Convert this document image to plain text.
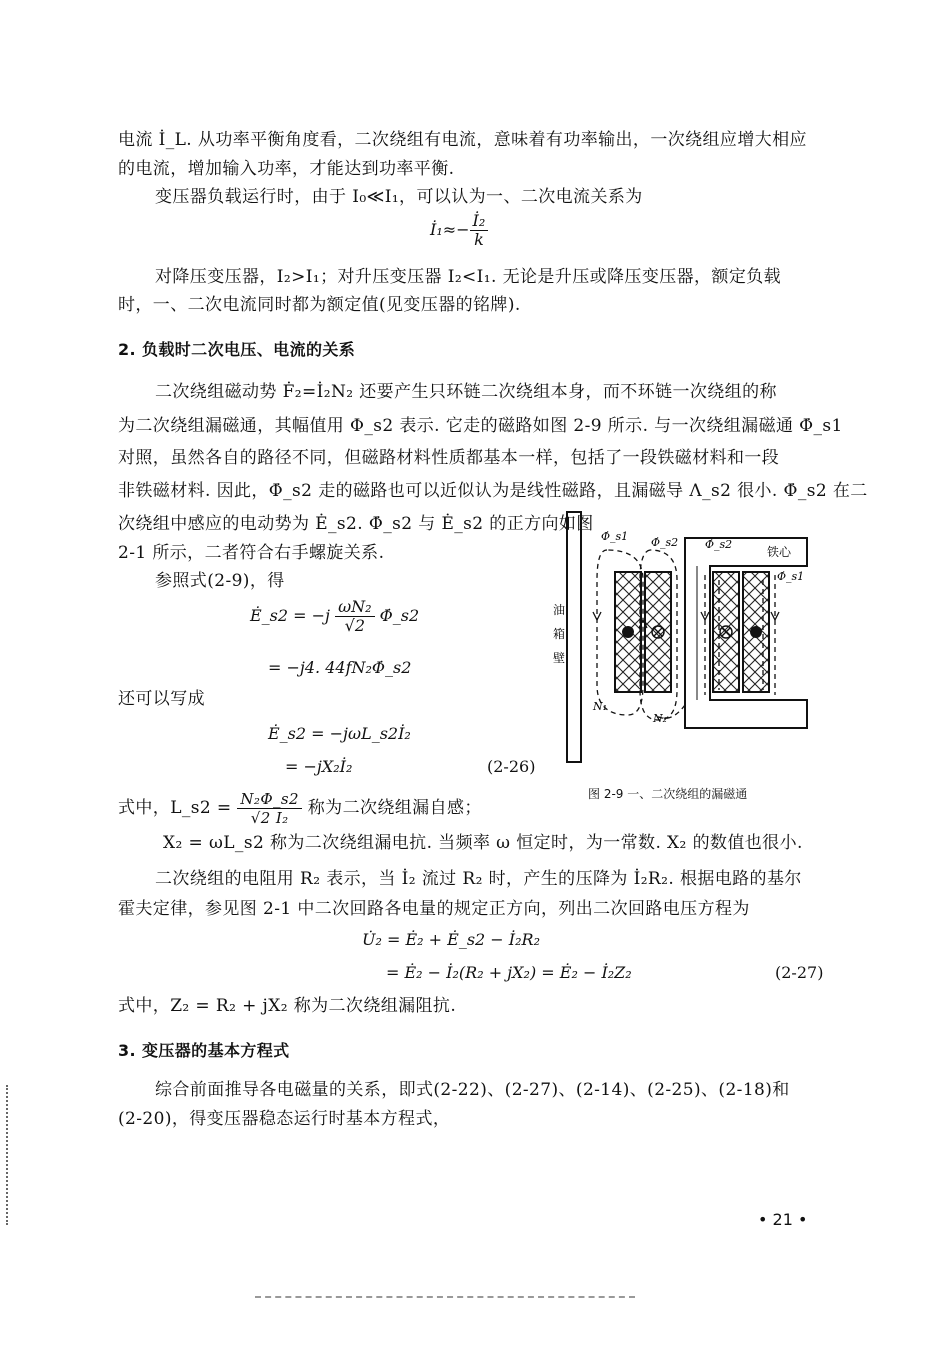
电流 İ_L. 从功率平衡角度看，二次绕组有电流，意味着有功率输出，一次绕组应增大相应
的电流，增加输入功率，才能达到功率平衡.
变压器负载运行时，由于 I₀≪I₁，可以认为一、二次电流关系为
İ₁≈− $\frac{\text{İ₂}}{k}$
对降压变压器，I₂>I₁；对升压变压器 I₂<I₁. 无论是升压或降压变压器，额定负载
时，一、二次电流同时都为额定值(见变压器的铭牌).
2. 负载时二次电压、电流的关系
二次绕组磁动势 Ḟ₂=İ₂N₂ 还要产生只环链二次绕组本身，而不环链一次绕组的称
为二次绕组漏磁通，其幅值用 Φ_s2 表示. 它走的磁路如图 2-9 所示. 与一次绕组漏磁通 Φ̇_s1
对照，虽然各自的路径不同，但磁路材料性质都基本一样，包括了一段铁磁材料和一段
非铁磁材料. 因此，Φ̇_s2 走的磁路也可以近似认为是线性磁路，且漏磁导 Λ_s2 很小. Φ̇_s2 在二
次绕组中感应的电动势为 Ė_s2. Φ̇_s2 与 Ė_s2 的正方向如图
2-1 所示，二者符合右手螺旋关系.
参照式(2-9)，得
Ė_s2 = $-j \frac{\text{ωN₂}}{√2}$ Φ̇_s2
= −j4. 44fN₂Φ̇_s2
还可以写成
Ė_s2 = −jωL_s2İ₂
= −jX₂İ₂	(2-26)
式中，L_s2 = $\frac{\text{N₂Φ\_s2}}{\text{√2 I₂}}$ 称为二次绕组漏自感；
X₂ = ωL_s2 称为二次绕组漏电抗. 当频率 ω 恒定时，为一常数. X₂ 的数值也很小.
二次绕组的电阻用 R₂ 表示，当 İ₂ 流过 R₂ 时，产生的压降为 İ₂R₂. 根据电路的基尔
霍夫定律，参见图 2-1 中二次回路各电量的规定正方向，列出二次回路电压方程为
U̇₂ = Ė₂ + Ė_s2 − İ₂R₂
= Ė₂ − İ₂(R₂ + jX₂) = Ė₂ − İ₂Z₂	(2-27)
式中，Z₂ = R₂ + jX₂ 称为二次绕组漏阻抗.
3. 变压器的基本方程式
综合前面推导各电磁量的关系，即式(2-22)、(2-27)、(2-14)、(2-25)、(2-18)和
(2-20)，得变压器稳态运行时基本方程式，
Φ̇_s1 Φ̇_s2 Φ̇_s2
Φ̇_s1
铁心
油
箱
壁
N₁
N₂
图 2-9 一、二次绕组的漏磁通
• 21 •
